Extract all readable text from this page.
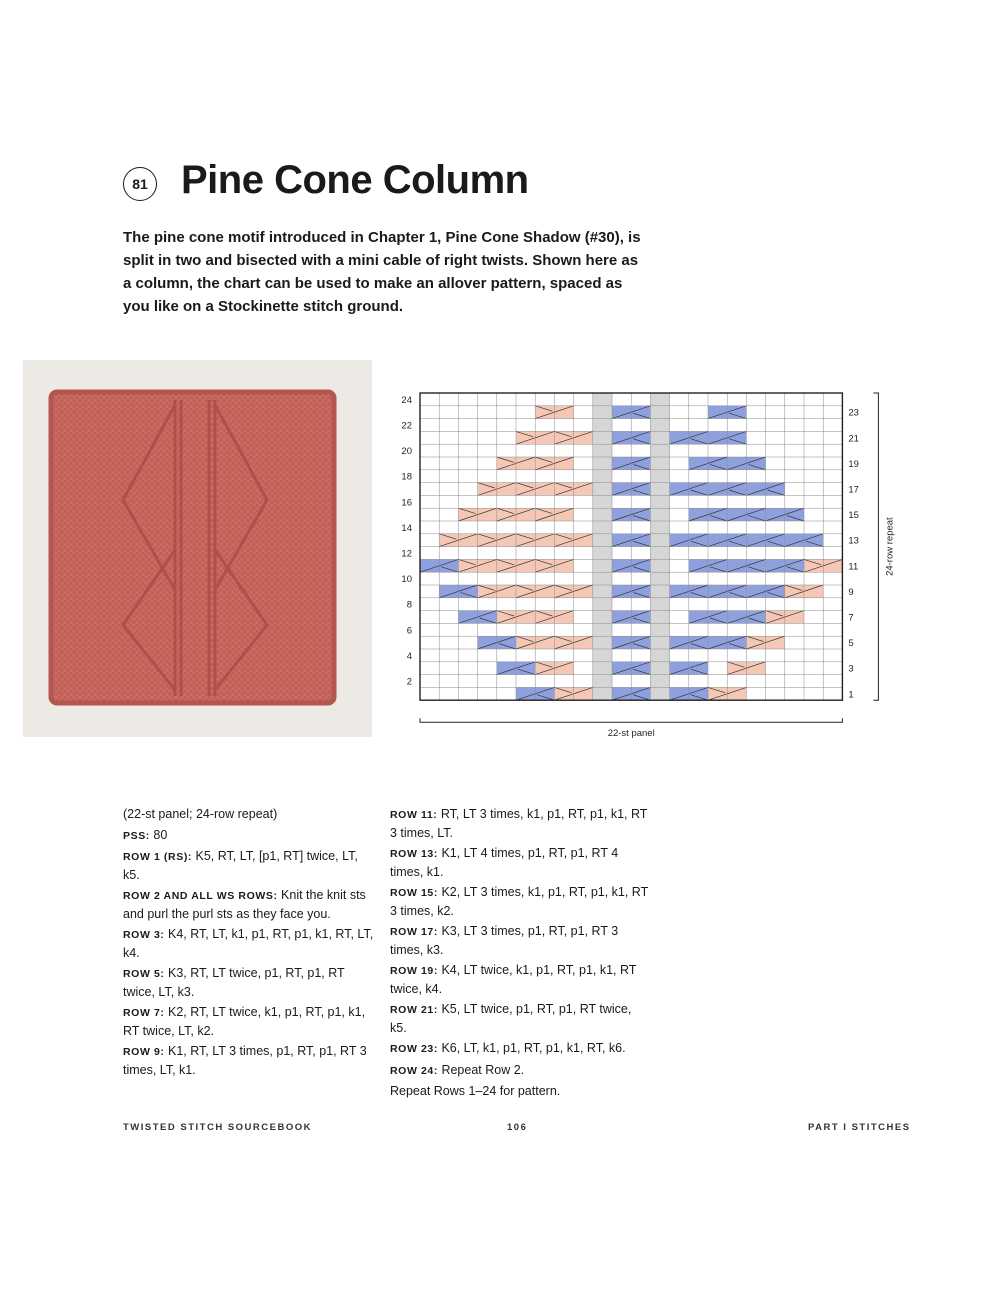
81 Pine Cone Column

The pine cone motif introduced in Chapter 1, Pine Cone Shadow (#30), is split in two and bisected with a mini cable of right twists. Shown here as a column, the chart can be used to make an allover pattern, spaced as you like on a Stockinette stitch ground.

2
4
6
8
10
12
14
16
18
20
22
24
1
3
5
7
9
11
13
15
17
19
21
23
24-row repeat
22-st panel

(22-st panel; 24-row repeat)

PSS: 80

ROW 1 (RS): K5, RT, LT, [p1, RT] twice, LT, k5.

ROW 2 AND ALL WS ROWS: Knit the knit sts and purl the purl sts as they face you.

ROW 3: K4, RT, LT, k1, p1, RT, p1, k1, RT, LT, k4.

ROW 5: K3, RT, LT twice, p1, RT, p1, RT twice, LT, k3.

ROW 7: K2, RT, LT twice, k1, p1, RT, p1, k1, RT twice, LT, k2.

ROW 9: K1, RT, LT 3 times, p1, RT, p1, RT 3 times, LT, k1.

ROW 11: RT, LT 3 times, k1, p1, RT, p1, k1, RT 3 times, LT.

ROW 13: K1, LT 4 times, p1, RT, p1, RT 4 times, k1.

ROW 15: K2, LT 3 times, k1, p1, RT, p1, k1, RT 3 times, k2.

ROW 17: K3, LT 3 times, p1, RT, p1, RT 3 times, k3.

ROW 19: K4, LT twice, k1, p1, RT, p1, k1, RT twice, k4.

ROW 21: K5, LT twice, p1, RT, p1, RT twice, k5.

ROW 23: K6, LT, k1, p1, RT, p1, k1, RT, k6.

ROW 24: Repeat Row 2.

Repeat Rows 1–24 for pattern.

TWISTED STITCH SOURCEBOOK	106	PART I STITCHES
